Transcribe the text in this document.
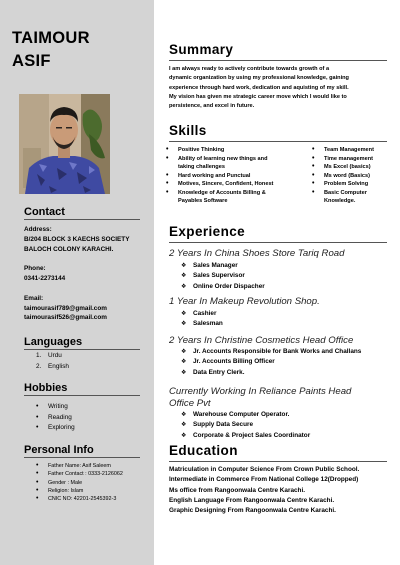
TAIMOUR
ASIF
Contact
Address:
B/204 BLOCK 3 KAECHS SOCIETY
BALOCH COLONY KARACHI.
Phone:
0341-2273144
Email:
taimourasif789@gmail.com
taimourasif526@gmail.com
Languages
1. Urdu
2. English
Hobbies
• Writing
• Reading
• Exploring
Personal Info
• Father Name: Asif Saleem
• Father Contact : 0333-2126062
• Gender : Male
• Religion: Islam
• CNIC NO: 42201-2545392-3
Summary
I am always ready to actively contribute towards growth of a
dynamic organization by using my professional knowledge, gaining
experience through hard work, dedication and aquisting of my skill.
My vision has given me strategic career move which I would like to
persistence, and excel in future.
Skills
• Positive Thinking
• Ability of learning new things and
taking challenges
• Hard working and Punctual
• Motives, Sincere, Confident, Honest
• Knowledge of Accounts Billing &
Payables Software
• Team Management
• Time management
• Ms Excel (basics)
• Ms word (Basics)
• Problem Solving
• Basic Computer
Knowledge.
Experience
2 Years In China Shoes Store Tariq Road
❖ Sales Manager
❖ Sales Supervisor
❖ Online Order Dispacher
1 Year In Makeup Revolution Shop.
❖ Cashier
❖ Salesman
2 Years In Christine Cosmetics Head Office
❖ Jr. Accounts Responsible for Bank Works and Challans
❖ Jr. Accounts Billing Officer
❖ Data Entry Clerk.
Currently Working In Reliance Paints Head
Office Pvt
❖ Warehouse Computer Operator.
❖ Supply Data Secure
❖ Corporate & Project Sales Coordinator
Education
Matriculation in Computer Science From Crown Public School.
Intermediate in Commerce From National College 12(Dropped)
Ms office from Rangoonwala Centre Karachi.
English Language From Rangoonwala Centre Karachi.
Graphic Designing From Rangoonwala Centre Karachi.
